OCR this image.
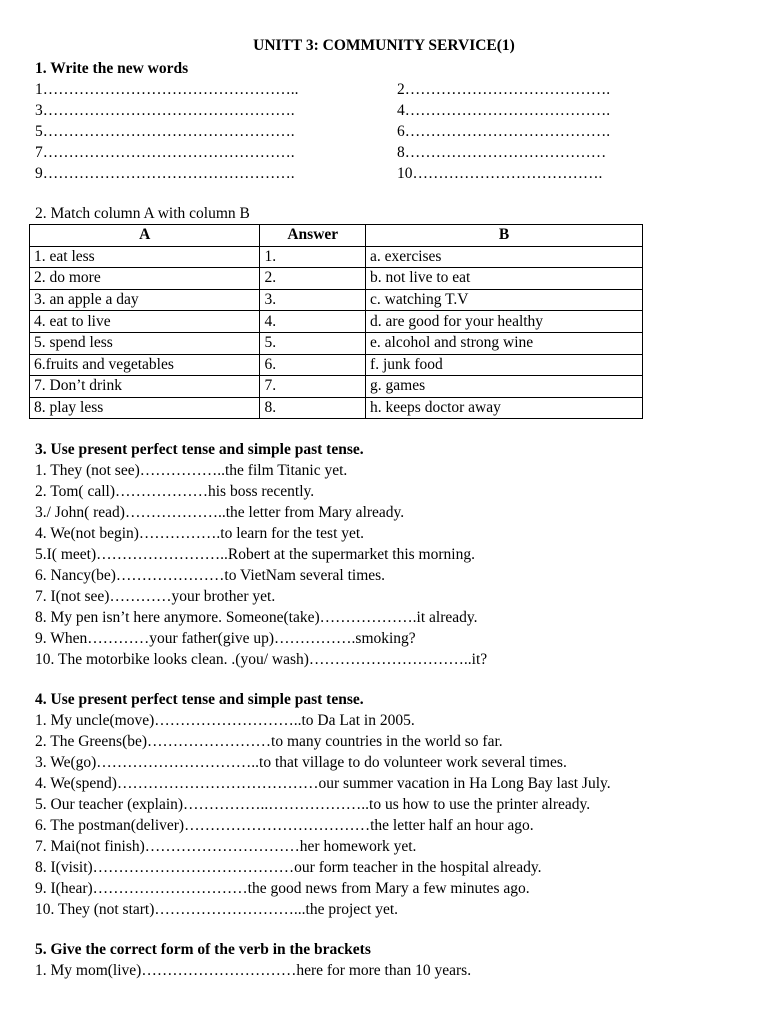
UNITT 3: COMMUNITY SERVICE(1)
1. Write the new words
1…………………………………………..
3………………………………………….
5………………………………………….
7………………………………………….
9………………………………………….
2………………………………….
4………………………………….
6………………………………….
8…………………………………
10……………………………….
2. Match column A with column B
A	Answer	B
1. eat less	1.	a. exercises
2. do more	2.	b. not live to eat
3. an apple a day	3.	c. watching T.V
4. eat to live	4.	d. are good for your healthy
5. spend less	5.	e. alcohol and strong wine
6.fruits and vegetables	6.	f. junk food
7. Don’t drink	7.	g. games
8. play less	8.	h. keeps doctor away
3. Use present perfect tense and simple past tense.
1. They (not see)……………..the film Titanic yet.
2. Tom( call)………………his boss recently.
3./ John( read)………………..the letter from Mary already.
4. We(not begin)…………….to learn for the test yet.
5.I( meet)……………………..Robert at the supermarket this morning.
6. Nancy(be)…………………to VietNam several times.
7. I(not see)…………your brother yet.
8. My pen isn’t here anymore. Someone(take)……………….it already.
9. When…………your father(give up)…………….smoking?
10. The motorbike looks clean. .(you/ wash)…………………………..it?
4. Use present perfect tense and simple past tense.
1. My uncle(move)………………………..to Da Lat in 2005.
2. The Greens(be)……………………to many countries in the world so far.
3. We(go)…………………………..to that village to do volunteer work several times.
4. We(spend)…………………………………our summer vacation in Ha Long Bay last July.
5. Our teacher (explain)……………..………………..to us how to use the printer already.
6. The postman(deliver)………………………………the letter half an hour ago.
7. Mai(not finish)…………………………her homework yet.
8. I(visit)…………………………………our form teacher in the hospital already.
9. I(hear)…………………………the good news from Mary a few minutes ago.
10. They (not start)………………………...the project yet.
5. Give the correct form of the verb in the brackets
1. My mom(live)…………………………here for more than 10 years.
